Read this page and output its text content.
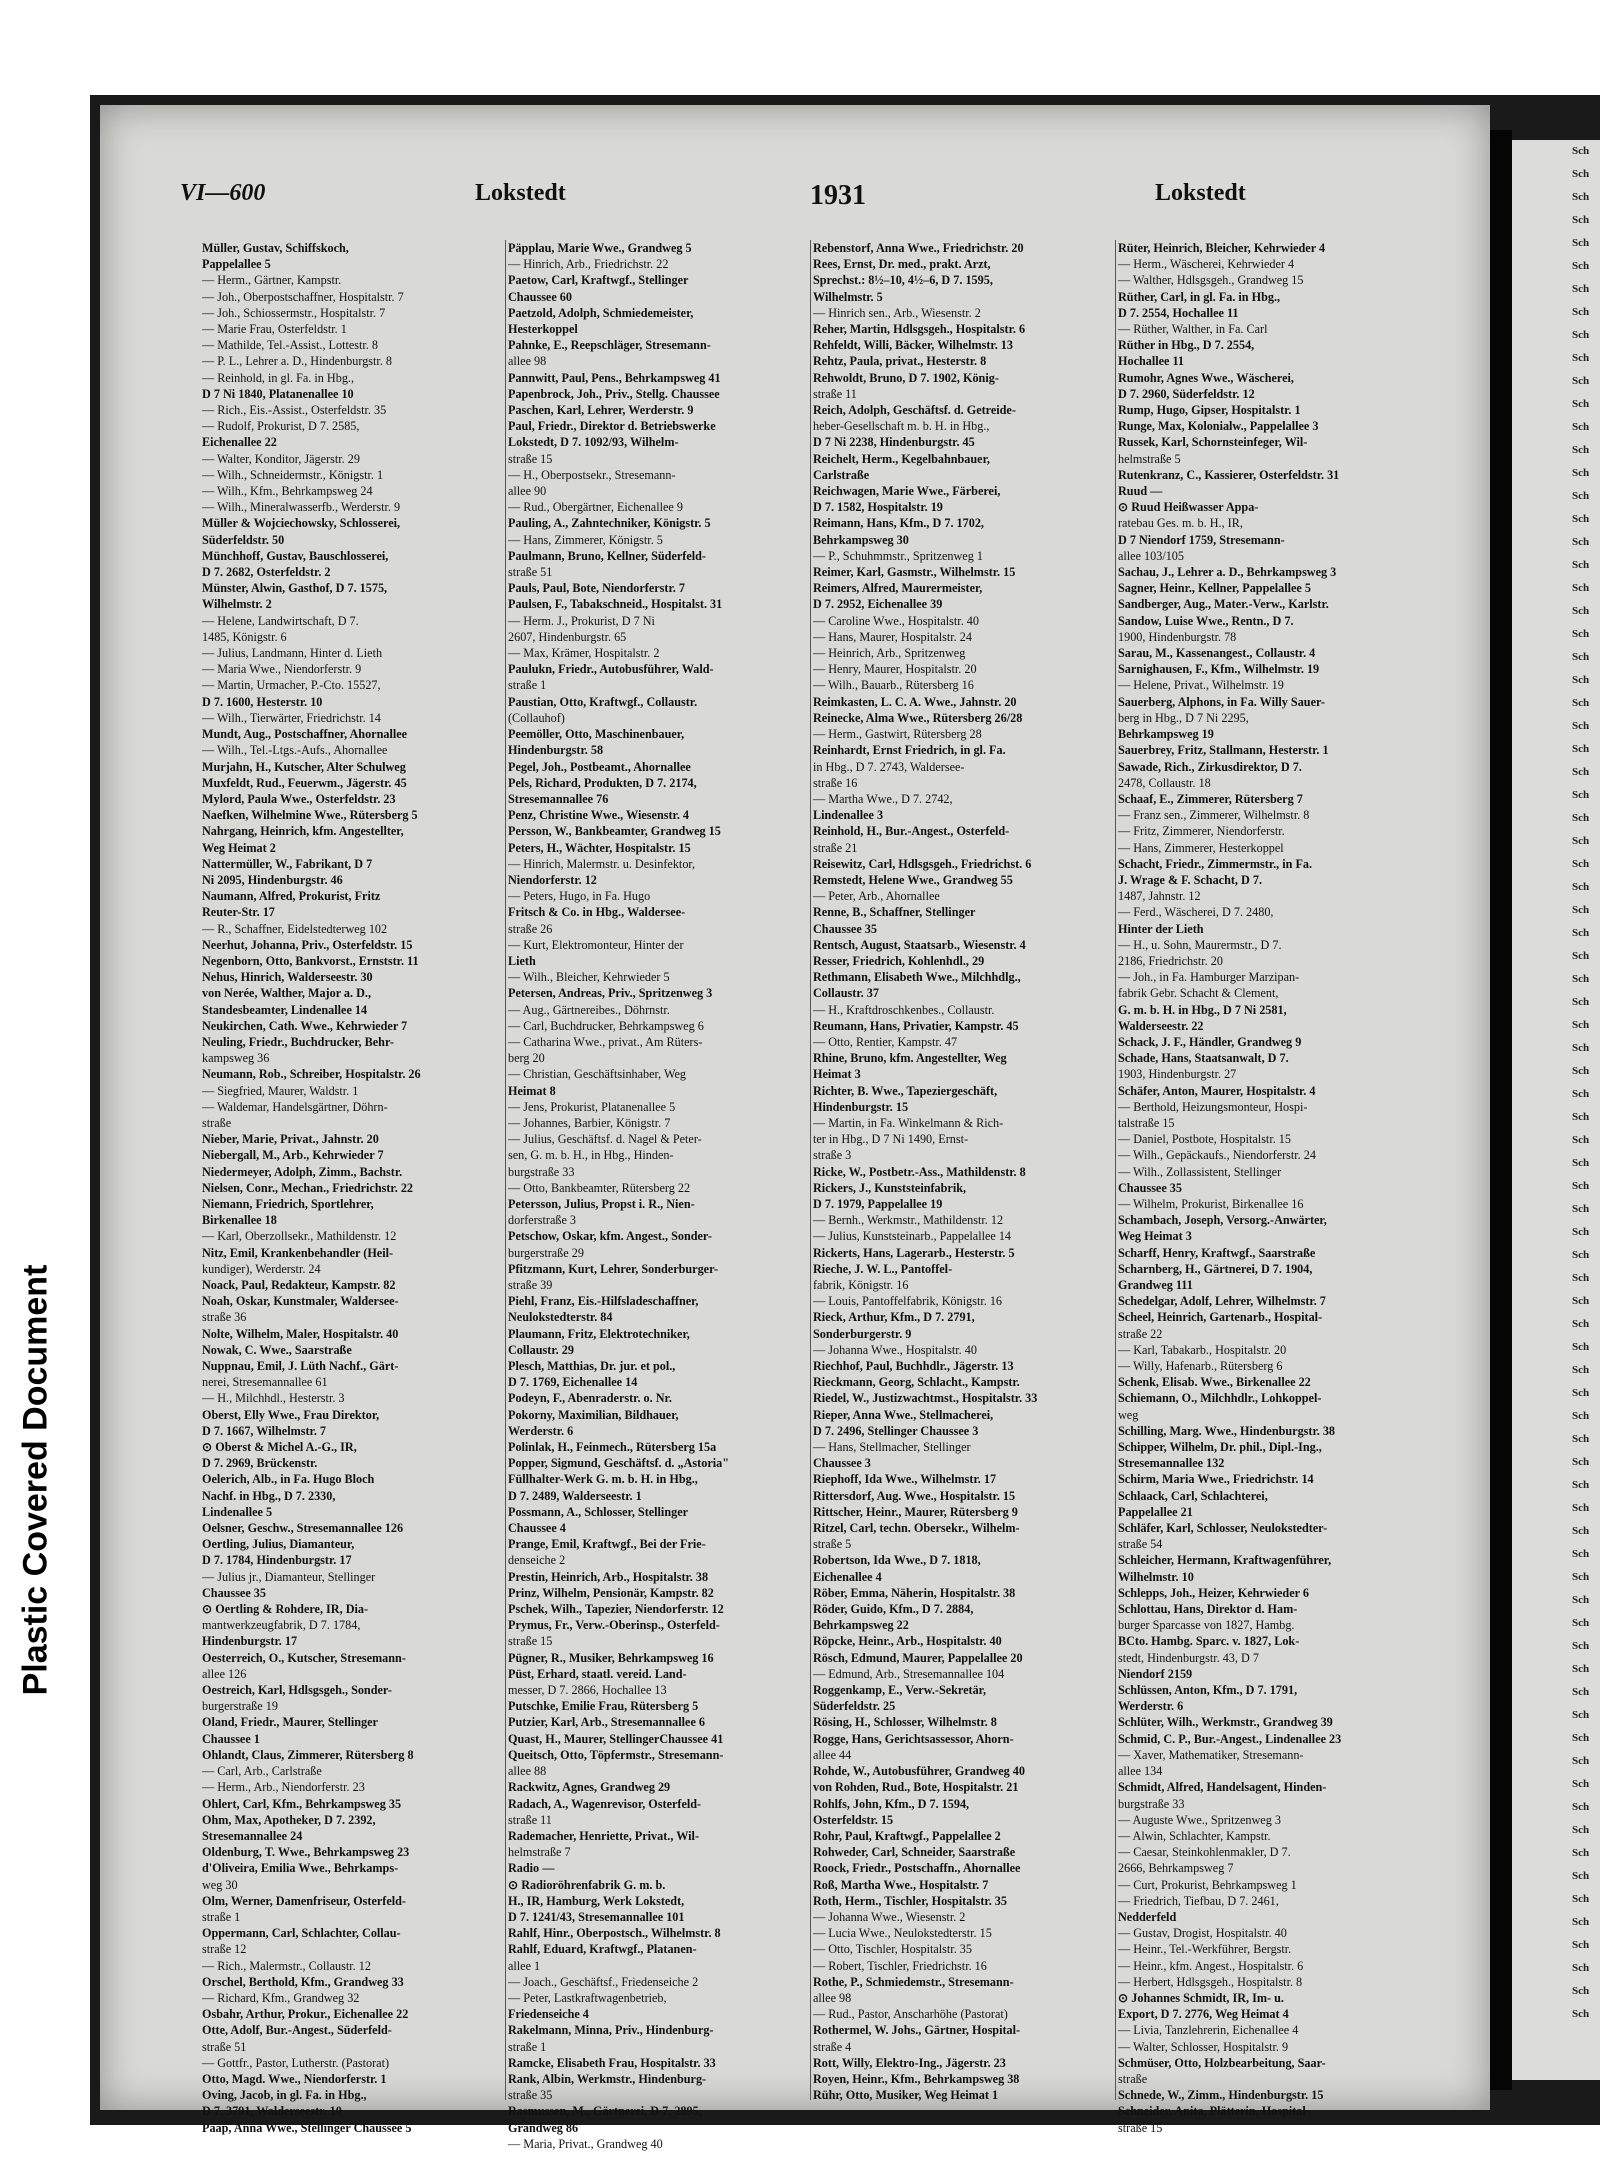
Plastic Covered Document
Sch
Sch
Sch
Sch
Sch
Sch
Sch
Sch
Sch
Sch
Sch
Sch
Sch
Sch
Sch
Sch
Sch
Sch
Sch
Sch
Sch
Sch
Sch
Sch
Sch
Sch
Sch
Sch
Sch
Sch
Sch
Sch
Sch
Sch
Sch
Sch
Sch
Sch
Sch
Sch
Sch
Sch
Sch
Sch
Sch
Sch
Sch
Sch
Sch
Sch
Sch
Sch
Sch
Sch
Sch
Sch
Sch
Sch
Sch
Sch
Sch
Sch
Sch
Sch
Sch
Sch
Sch
Sch
Sch
Sch
Sch
Sch
Sch
Sch
Sch
Sch
Sch
Sch
Sch
Sch
Sch
Sch
VI—600	Lokstedt	1931	Lokstedt
Müller, Gustav, Schiffskoch,
Pappelallee 5
— Herm., Gärtner, Kampstr.
— Joh., Oberpostschaffner, Hospitalstr. 7
— Joh., Schiossermstr., Hospitalstr. 7
— Marie Frau, Osterfeldstr. 1
— Mathilde, Tel.-Assist., Lottestr. 8
— P. L., Lehrer a. D., Hindenburgstr. 8
— Reinhold, in gl. Fa. in Hbg.,
D 7 Ni 1840, Platanenallee 10
— Rich., Eis.-Assist., Osterfeldstr. 35
— Rudolf, Prokurist, D 7. 2585,
Eichenallee 22
— Walter, Konditor, Jägerstr. 29
— Wilh., Schneidermstr., Königstr. 1
— Wilh., Kfm., Behrkampsweg 24
— Wilh., Mineralwasserfb., Werderstr. 9
Müller & Wojciechowsky, Schlosserei,
Süderfeldstr. 50
Münchhoff, Gustav, Bauschlosserei,
D 7. 2682, Osterfeldstr. 2
Münster, Alwin, Gasthof, D 7. 1575,
Wilhelmstr. 2
— Helene, Landwirtschaft, D 7.
1485, Königstr. 6
— Julius, Landmann, Hinter d. Lieth
— Maria Wwe., Niendorferstr. 9
— Martin, Urmacher, P.-Cto. 15527,
D 7. 1600, Hesterstr. 10
— Wilh., Tierwärter, Friedrichstr. 14
Mundt, Aug., Postschaffner, Ahornallee
— Wilh., Tel.-Ltgs.-Aufs., Ahornallee
Murjahn, H., Kutscher, Alter Schulweg
Muxfeldt, Rud., Feuerwm., Jägerstr. 45
Mylord, Paula Wwe., Osterfeldstr. 23
Naefken, Wilhelmine Wwe., Rütersberg 5
Nahrgang, Heinrich, kfm. Angestellter,
Weg Heimat 2
Nattermüller, W., Fabrikant, D 7
Ni 2095, Hindenburgstr. 46
Naumann, Alfred, Prokurist, Fritz
Reuter-Str. 17
— R., Schaffner, Eidelstedterweg 102
Neerhut, Johanna, Priv., Osterfeldstr. 15
Negenborn, Otto, Bankvorst., Ernststr. 11
Nehus, Hinrich, Walderseestr. 30
von Nerée, Walther, Major a. D.,
Standesbeamter, Lindenallee 14
Neukirchen, Cath. Wwe., Kehrwieder 7
Neuling, Friedr., Buchdrucker, Behr-
kampsweg 36
Neumann, Rob., Schreiber, Hospitalstr. 26
— Siegfried, Maurer, Waldstr. 1
— Waldemar, Handelsgärtner, Döhrn-
straße
Nieber, Marie, Privat., Jahnstr. 20
Niebergall, M., Arb., Kehrwieder 7
Niedermeyer, Adolph, Zimm., Bachstr.
Nielsen, Conr., Mechan., Friedrichstr. 22
Niemann, Friedrich, Sportlehrer,
Birkenallee 18
— Karl, Oberzollsekr., Mathildenstr. 12
Nitz, Emil, Krankenbehandler (Heil-
kundiger), Werderstr. 24
Noack, Paul, Redakteur, Kampstr. 82
Noah, Oskar, Kunstmaler, Waldersee-
straße 36
Nolte, Wilhelm, Maler, Hospitalstr. 40
Nowak, C. Wwe., Saarstraße
Nuppnau, Emil, J. Lüth Nachf., Gärt-
nerei, Stresemannallee 61
— H., Milchhdl., Hesterstr. 3
Oberst, Elly Wwe., Frau Direktor,
D 7. 1667, Wilhelmstr. 7
⊙ Oberst & Michel A.-G., IR,
D 7. 2969, Brückenstr.
Oelerich, Alb., in Fa. Hugo Bloch
Nachf. in Hbg., D 7. 2330,
Lindenallee 5
Oelsner, Geschw., Stresemannallee 126
Oertling, Julius, Diamanteur,
D 7. 1784, Hindenburgstr. 17
— Julius jr., Diamanteur, Stellinger
Chaussee 35
⊙ Oertling & Rohdere, IR, Dia-
mantwerkzeugfabrik, D 7. 1784,
Hindenburgstr. 17
Oesterreich, O., Kutscher, Stresemann-
allee 126
Oestreich, Karl, Hdlsgsgeh., Sonder-
burgerstraße 19
Oland, Friedr., Maurer, Stellinger
Chaussee 1
Ohlandt, Claus, Zimmerer, Rütersberg 8
— Carl, Arb., Carlstraße
— Herm., Arb., Niendorferstr. 23
Ohlert, Carl, Kfm., Behrkampsweg 35
Ohm, Max, Apotheker, D 7. 2392,
Stresemannallee 24
Oldenburg, T. Wwe., Behrkampsweg 23
d'Oliveira, Emilia Wwe., Behrkamps-
weg 30
Olm, Werner, Damenfriseur, Osterfeld-
straße 1
Oppermann, Carl, Schlachter, Collau-
straße 12
— Rich., Malermstr., Collaustr. 12
Orschel, Berthold, Kfm., Grandweg 33
— Richard, Kfm., Grandweg 32
Osbahr, Arthur, Prokur., Eichenallee 22
Otte, Adolf, Bur.-Angest., Süderfeld-
straße 51
— Gottfr., Pastor, Lutherstr. (Pastorat)
Otto, Magd. Wwe., Niendorferstr. 1
Oving, Jacob, in gl. Fa. in Hbg.,
D 7. 3791, Walderseestr. 10
Paap, Anna Wwe., Stellinger Chaussee 5
Päpplau, Marie Wwe., Grandweg 5
— Hinrich, Arb., Friedrichstr. 22
Paetow, Carl, Kraftwgf., Stellinger
Chaussee 60
Paetzold, Adolph, Schmiedemeister,
Hesterkoppel
Pahnke, E., Reepschläger, Stresemann-
allee 98
Pannwitt, Paul, Pens., Behrkampsweg 41
Papenbrock, Joh., Priv., Stellg. Chaussee
Paschen, Karl, Lehrer, Werderstr. 9
Paul, Friedr., Direktor d. Betriebswerke
Lokstedt, D 7. 1092/93, Wilhelm-
straße 15
— H., Oberpostsekr., Stresemann-
allee 90
— Rud., Obergärtner, Eichenallee 9
Pauling, A., Zahntechniker, Königstr. 5
— Hans, Zimmerer, Königstr. 5
Paulmann, Bruno, Kellner, Süderfeld-
straße 51
Pauls, Paul, Bote, Niendorferstr. 7
Paulsen, F., Tabakschneid., Hospitalst. 31
— Herm. J., Prokurist, D 7 Ni
2607, Hindenburgstr. 65
— Max, Krämer, Hospitalstr. 2
Paulukn, Friedr., Autobusführer, Wald-
straße 1
Paustian, Otto, Kraftwgf., Collaustr.
(Collauhof)
Peemöller, Otto, Maschinenbauer,
Hindenburgstr. 58
Pegel, Joh., Postbeamt., Ahornallee
Pels, Richard, Produkten, D 7. 2174,
Stresemannallee 76
Penz, Christine Wwe., Wiesenstr. 4
Persson, W., Bankbeamter, Grandweg 15
Peters, H., Wächter, Hospitalstr. 15
— Hinrich, Malermstr. u. Desinfektor,
Niendorferstr. 12
— Peters, Hugo, in Fa. Hugo
Fritsch & Co. in Hbg., Waldersee-
straße 26
— Kurt, Elektromonteur, Hinter der
Lieth
— Wilh., Bleicher, Kehrwieder 5
Petersen, Andreas, Priv., Spritzenweg 3
— Aug., Gärtnereibes., Döhrnstr.
— Carl, Buchdrucker, Behrkampsweg 6
— Catharina Wwe., privat., Am Rüters-
berg 20
— Christian, Geschäftsinhaber, Weg
Heimat 8
— Jens, Prokurist, Platanenallee 5
— Johannes, Barbier, Königstr. 7
— Julius, Geschäftsf. d. Nagel & Peter-
sen, G. m. b. H., in Hbg., Hinden-
burgstraße 33
— Otto, Bankbeamter, Rütersberg 22
Petersson, Julius, Propst i. R., Nien-
dorferstraße 3
Petschow, Oskar, kfm. Angest., Sonder-
burgerstraße 29
Pfitzmann, Kurt, Lehrer, Sonderburger-
straße 39
Piehl, Franz, Eis.-Hilfsladeschaffner,
Neulokstedterstr. 84
Plaumann, Fritz, Elektrotechniker,
Collaustr. 29
Plesch, Matthias, Dr. jur. et pol.,
D 7. 1769, Eichenallee 14
Podeyn, F., Abenraderstr. o. Nr.
Pokorny, Maximilian, Bildhauer,
Werderstr. 6
Polinlak, H., Feinmech., Rütersberg 15a
Popper, Sigmund, Geschäftsf. d. „Astoria"
Füllhalter-Werk G. m. b. H. in Hbg.,
D 7. 2489, Walderseestr. 1
Possmann, A., Schlosser, Stellinger
Chaussee 4
Prange, Emil, Kraftwgf., Bei der Frie-
denseiche 2
Prestin, Heinrich, Arb., Hospitalstr. 38
Prinz, Wilhelm, Pensionär, Kampstr. 82
Pschek, Wilh., Tapezier, Niendorferstr. 12
Prymus, Fr., Verw.-Oberinsp., Osterfeld-
straße 15
Pügner, R., Musiker, Behrkampsweg 16
Püst, Erhard, staatl. vereid. Land-
messer, D 7. 2866, Hochallee 13
Putschke, Emilie Frau, Rütersberg 5
Putzier, Karl, Arb., Stresemannallee 6
Quast, H., Maurer, StellingerChaussee 41
Queitsch, Otto, Töpfermstr., Stresemann-
allee 88
Rackwitz, Agnes, Grandweg 29
Radach, A., Wagenrevisor, Osterfeld-
straße 11
Rademacher, Henriette, Privat., Wil-
helmstraße 7
Radio —
⊙ Radioröhrenfabrik G. m. b.
H., IR, Hamburg, Werk Lokstedt,
D 7. 1241/43, Stresemannallee 101
Rahlf, Hinr., Oberpostsch., Wilhelmstr. 8
Rahlf, Eduard, Kraftwgf., Platanen-
allee 1
— Joach., Geschäftsf., Friedenseiche 2
— Peter, Lastkraftwagenbetrieb,
Friedenseiche 4
Rakelmann, Minna, Priv., Hindenburg-
straße 1
Ramcke, Elisabeth Frau, Hospitalstr. 33
Rank, Albin, Werkmstr., Hindenburg-
straße 35
Rasmussen, M., Gärtnerei, D 7. 2895,
Grandweg 86
— Maria, Privat., Grandweg 40
Rebenstorf, Anna Wwe., Friedrichstr. 20
Rees, Ernst, Dr. med., prakt. Arzt,
Sprechst.: 8½–10, 4½–6, D 7. 1595,
Wilhelmstr. 5
— Hinrich sen., Arb., Wiesenstr. 2
Reher, Martin, Hdlsgsgeh., Hospitalstr. 6
Rehfeldt, Willi, Bäcker, Wilhelmstr. 13
Rehtz, Paula, privat., Hesterstr. 8
Rehwoldt, Bruno, D 7. 1902, König-
straße 11
Reich, Adolph, Geschäftsf. d. Getreide-
heber-Gesellschaft m. b. H. in Hbg.,
D 7 Ni 2238, Hindenburgstr. 45
Reichelt, Herm., Kegelbahnbauer,
Carlstraße
Reichwagen, Marie Wwe., Färberei,
D 7. 1582, Hospitalstr. 19
Reimann, Hans, Kfm., D 7. 1702,
Behrkampsweg 30
— P., Schuhmmstr., Spritzenweg 1
Reimer, Karl, Gasmstr., Wilhelmstr. 15
Reimers, Alfred, Maurermeister,
D 7. 2952, Eichenallee 39
— Caroline Wwe., Hospitalstr. 40
— Hans, Maurer, Hospitalstr. 24
— Heinrich, Arb., Spritzenweg
— Henry, Maurer, Hospitalstr. 20
— Wilh., Bauarb., Rütersberg 16
Reimkasten, L. C. A. Wwe., Jahnstr. 20
Reinecke, Alma Wwe., Rütersberg 26/28
— Herm., Gastwirt, Rütersberg 28
Reinhardt, Ernst Friedrich, in gl. Fa.
in Hbg., D 7. 2743, Waldersee-
straße 16
— Martha Wwe., D 7. 2742,
Lindenallee 3
Reinhold, H., Bur.-Angest., Osterfeld-
straße 21
Reisewitz, Carl, Hdlsgsgeh., Friedrichst. 6
Remstedt, Helene Wwe., Grandweg 55
— Peter, Arb., Ahornallee
Renne, B., Schaffner, Stellinger
Chaussee 35
Rentsch, August, Staatsarb., Wiesenstr. 4
Resser, Friedrich, Kohlenhdl., 29
Rethmann, Elisabeth Wwe., Milchhdlg.,
Collaustr. 37
— H., Kraftdroschkenbes., Collaustr.
Reumann, Hans, Privatier, Kampstr. 45
— Otto, Rentier, Kampstr. 47
Rhine, Bruno, kfm. Angestellter, Weg
Heimat 3
Richter, B. Wwe., Tapeziergeschäft,
Hindenburgstr. 15
— Martin, in Fa. Winkelmann & Rich-
ter in Hbg., D 7 Ni 1490, Ernst-
straße 3
Ricke, W., Postbetr.-Ass., Mathildenstr. 8
Rickers, J., Kunststeinfabrik,
D 7. 1979, Pappelallee 19
— Bernh., Werkmstr., Mathildenstr. 12
— Julius, Kunststeinarb., Pappelallee 14
Rickerts, Hans, Lagerarb., Hesterstr. 5
Rieche, J. W. L., Pantoffel-
fabrik, Königstr. 16
— Louis, Pantoffelfabrik, Königstr. 16
Rieck, Arthur, Kfm., D 7. 2791,
Sonderburgerstr. 9
— Johanna Wwe., Hospitalstr. 40
Riechhof, Paul, Buchhdlr., Jägerstr. 13
Rieckmann, Georg, Schlacht., Kampstr.
Riedel, W., Justizwachtmst., Hospitalstr. 33
Rieper, Anna Wwe., Stellmacherei,
D 7. 2496, Stellinger Chaussee 3
— Hans, Stellmacher, Stellinger
Chaussee 3
Riephoff, Ida Wwe., Wilhelmstr. 17
Rittersdorf, Aug. Wwe., Hospitalstr. 15
Rittscher, Heinr., Maurer, Rütersberg 9
Ritzel, Carl, techn. Obersekr., Wilhelm-
straße 5
Robertson, Ida Wwe., D 7. 1818,
Eichenallee 4
Röber, Emma, Näherin, Hospitalstr. 38
Röder, Guido, Kfm., D 7. 2884,
Behrkampsweg 22
Röpcke, Heinr., Arb., Hospitalstr. 40
Rösch, Edmund, Maurer, Pappelallee 20
— Edmund, Arb., Stresemannallee 104
Roggenkamp, E., Verw.-Sekretär,
Süderfeldstr. 25
Rösing, H., Schlosser, Wilhelmstr. 8
Rogge, Hans, Gerichtsassessor, Ahorn-
allee 44
Rohde, W., Autobusführer, Grandweg 40
von Rohden, Rud., Bote, Hospitalstr. 21
Rohlfs, John, Kfm., D 7. 1594,
Osterfeldstr. 15
Rohr, Paul, Kraftwgf., Pappelallee 2
Rohweder, Carl, Schneider, Saarstraße
Roock, Friedr., Postschaffn., Ahornallee
Roß, Martha Wwe., Hospitalstr. 7
Roth, Herm., Tischler, Hospitalstr. 35
— Johanna Wwe., Wiesenstr. 2
— Lucia Wwe., Neulokstedterstr. 15
— Otto, Tischler, Hospitalstr. 35
— Robert, Tischler, Friedrichstr. 16
Rothe, P., Schmiedemstr., Stresemann-
allee 98
— Rud., Pastor, Anscharhöhe (Pastorat)
Rothermel, W. Johs., Gärtner, Hospital-
straße 4
Rott, Willy, Elektro-Ing., Jägerstr. 23
Royen, Heinr., Kfm., Behrkampsweg 38
Rühr, Otto, Musiker, Weg Heimat 1
Rüter, Heinrich, Bleicher, Kehrwieder 4
— Herm., Wäscherei, Kehrwieder 4
— Walther, Hdlsgsgeh., Grandweg 15
Rüther, Carl, in gl. Fa. in Hbg.,
D 7. 2554, Hochallee 11
— Rüther, Walther, in Fa. Carl
Rüther in Hbg., D 7. 2554,
Hochallee 11
Rumohr, Agnes Wwe., Wäscherei,
D 7. 2960, Süderfeldstr. 12
Rump, Hugo, Gipser, Hospitalstr. 1
Runge, Max, Kolonialw., Pappelallee 3
Russek, Karl, Schornsteinfeger, Wil-
helmstraße 5
Rutenkranz, C., Kassierer, Osterfeldstr. 31
Ruud —
⊙ Ruud Heißwasser Appa-
ratebau Ges. m. b. H., IR,
D 7 Niendorf 1759, Stresemann-
allee 103/105
Sachau, J., Lehrer a. D., Behrkampsweg 3
Sagner, Heinr., Kellner, Pappelallee 5
Sandberger, Aug., Mater.-Verw., Karlstr.
Sandow, Luise Wwe., Rentn., D 7.
1900, Hindenburgstr. 78
Sarau, M., Kassenangest., Collaustr. 4
Sarnighausen, F., Kfm., Wilhelmstr. 19
— Helene, Privat., Wilhelmstr. 19
Sauerberg, Alphons, in Fa. Willy Sauer-
berg in Hbg., D 7 Ni 2295,
Behrkampsweg 19
Sauerbrey, Fritz, Stallmann, Hesterstr. 1
Sawade, Rich., Zirkusdirektor, D 7.
2478, Collaustr. 18
Schaaf, E., Zimmerer, Rütersberg 7
— Franz sen., Zimmerer, Wilhelmstr. 8
— Fritz, Zimmerer, Niendorferstr.
— Hans, Zimmerer, Hesterkoppel
Schacht, Friedr., Zimmermstr., in Fa.
J. Wrage & F. Schacht, D 7.
1487, Jahnstr. 12
— Ferd., Wäscherei, D 7. 2480,
Hinter der Lieth
— H., u. Sohn, Maurermstr., D 7.
2186, Friedrichstr. 20
— Joh., in Fa. Hamburger Marzipan-
fabrik Gebr. Schacht & Clement,
G. m. b. H. in Hbg., D 7 Ni 2581,
Walderseestr. 22
Schack, J. F., Händler, Grandweg 9
Schade, Hans, Staatsanwalt, D 7.
1903, Hindenburgstr. 27
Schäfer, Anton, Maurer, Hospitalstr. 4
— Berthold, Heizungsmonteur, Hospi-
talstraße 15
— Daniel, Postbote, Hospitalstr. 15
— Wilh., Gepäckaufs., Niendorferstr. 24
— Wilh., Zollassistent, Stellinger
Chaussee 35
— Wilhelm, Prokurist, Birkenallee 16
Schambach, Joseph, Versorg.-Anwärter,
Weg Heimat 3
Scharff, Henry, Kraftwgf., Saarstraße
Scharnberg, H., Gärtnerei, D 7. 1904,
Grandweg 111
Schedelgar, Adolf, Lehrer, Wilhelmstr. 7
Scheel, Heinrich, Gartenarb., Hospital-
straße 22
— Karl, Tabakarb., Hospitalstr. 20
— Willy, Hafenarb., Rütersberg 6
Schenk, Elisab. Wwe., Birkenallee 22
Schiemann, O., Milchhdlr., Lohkoppel-
weg
Schilling, Marg. Wwe., Hindenburgstr. 38
Schipper, Wilhelm, Dr. phil., Dipl.-Ing.,
Stresemannallee 132
Schirm, Maria Wwe., Friedrichstr. 14
Schlaack, Carl, Schlachterei,
Pappelallee 21
Schläfer, Karl, Schlosser, Neulokstedter-
straße 54
Schleicher, Hermann, Kraftwagenführer,
Wilhelmstr. 10
Schlepps, Joh., Heizer, Kehrwieder 6
Schlottau, Hans, Direktor d. Ham-
burger Sparcasse von 1827, Hambg.
BCto. Hambg. Sparc. v. 1827, Lok-
stedt, Hindenburgstr. 43, D 7
Niendorf 2159
Schlüssen, Anton, Kfm., D 7. 1791,
Werderstr. 6
Schlüter, Wilh., Werkmstr., Grandweg 39
Schmid, C. P., Bur.-Angest., Lindenallee 23
— Xaver, Mathematiker, Stresemann-
allee 134
Schmidt, Alfred, Handelsagent, Hinden-
burgstraße 33
— Auguste Wwe., Spritzenweg 3
— Alwin, Schlachter, Kampstr.
— Caesar, Steinkohlenmakler, D 7.
2666, Behrkampsweg 7
— Curt, Prokurist, Behrkampsweg 1
— Friedrich, Tiefbau, D 7. 2461,
Nedderfeld
— Gustav, Drogist, Hospitalstr. 40
— Heinr., Tel.-Werkführer, Bergstr.
— Heinr., kfm. Angest., Hospitalstr. 6
— Herbert, Hdlsgsgeh., Hospitalstr. 8
⊙ Johannes Schmidt, IR, Im- u.
Export, D 7. 2776, Weg Heimat 4
— Livia, Tanzlehrerin, Eichenallee 4
— Walter, Schlosser, Hospitalstr. 9
Schmüser, Otto, Holzbearbeitung, Saar-
straße
Schnede, W., Zimm., Hindenburgstr. 15
Schneider, Anita, Plätterin, Hospital-
straße 15
